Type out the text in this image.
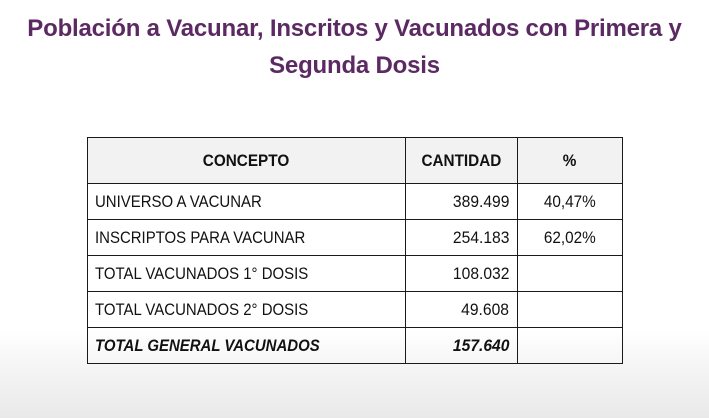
Población a Vacunar, Inscritos y Vacunados con Primera y
Segunda Dosis
CONCEPTO	CANTIDAD	%
UNIVERSO A VACUNAR	389.499	40,47%
INSCRIPTOS PARA VACUNAR	254.183	62,02%
TOTAL VACUNADOS 1° DOSIS	108.032	
TOTAL VACUNADOS 2° DOSIS	49.608	
TOTAL GENERAL VACUNADOS	157.640	
